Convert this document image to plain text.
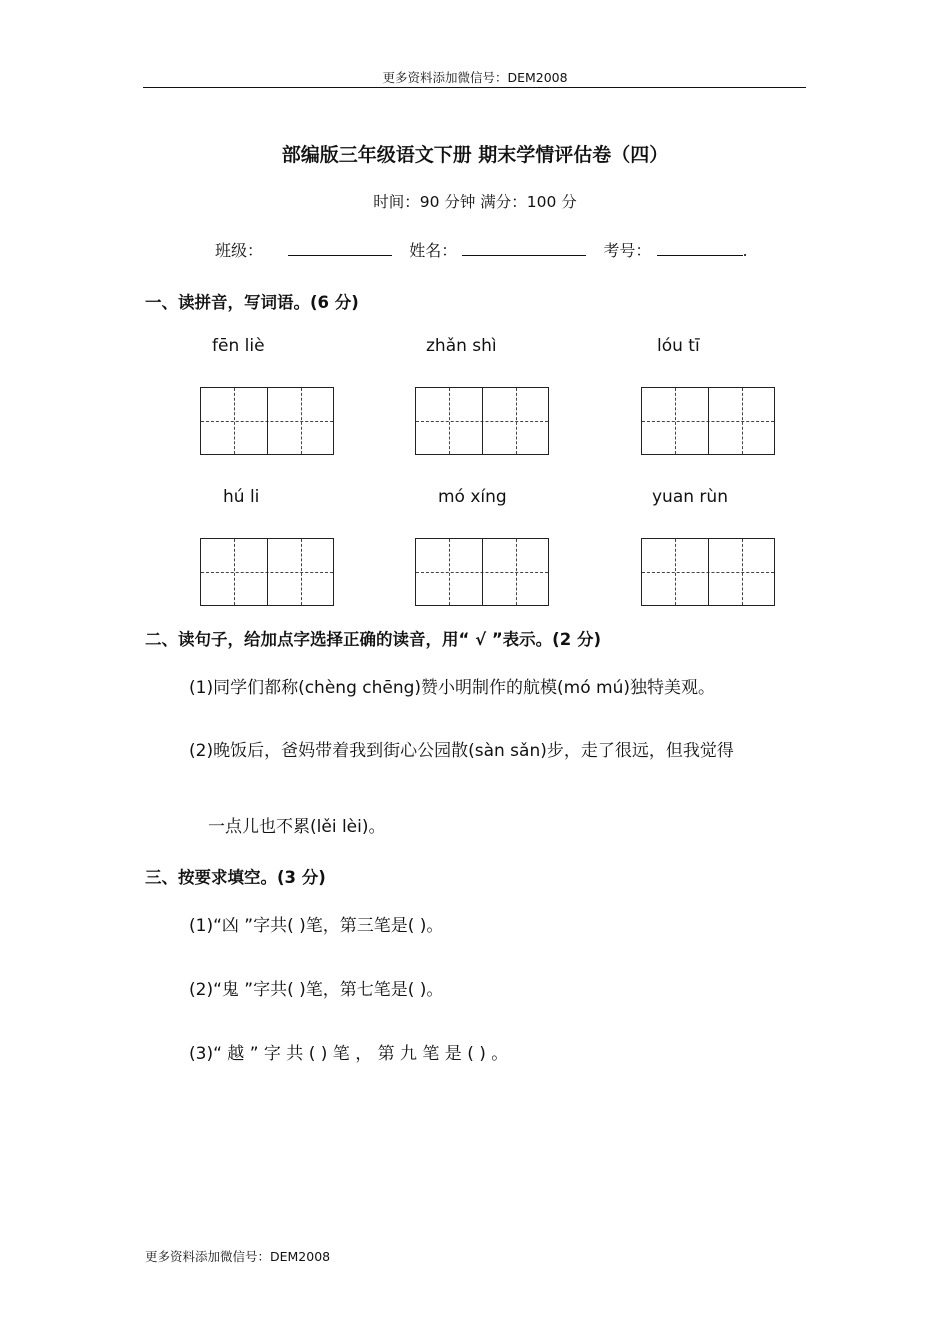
更多资料添加微信号：DEM2008
部编版三年级语文下册 期末学情评估卷（四）
时间：90 分钟 满分：100 分
班级：	姓名：	考号：	.
一、读拼音，写词语。(6 分)
fēn liè	zhǎn shì	lóu tī
hú li	mó xíng	yuan rùn
二、读句子，给加点字选择正确的读音，用“ √ ”表示。(2 分)
(1)同学们都称(chèng chēng)赞小明制作的航模(mó mú)独特美观。
(2)晚饭后，爸妈带着我到街心公园散(sàn sǎn)步，走了很远，但我觉得
一点儿也不累(lěi lèi)。
三、按要求填空。(3 分)
(1)“凶 ”字共( )笔，第三笔是( )。
(2)“鬼 ”字共( )笔，第七笔是( )。
(3)“ 越 ” 字 共 ( ) 笔 ， 第 九 笔 是 ( ) 。
更多资料添加微信号：DEM2008
